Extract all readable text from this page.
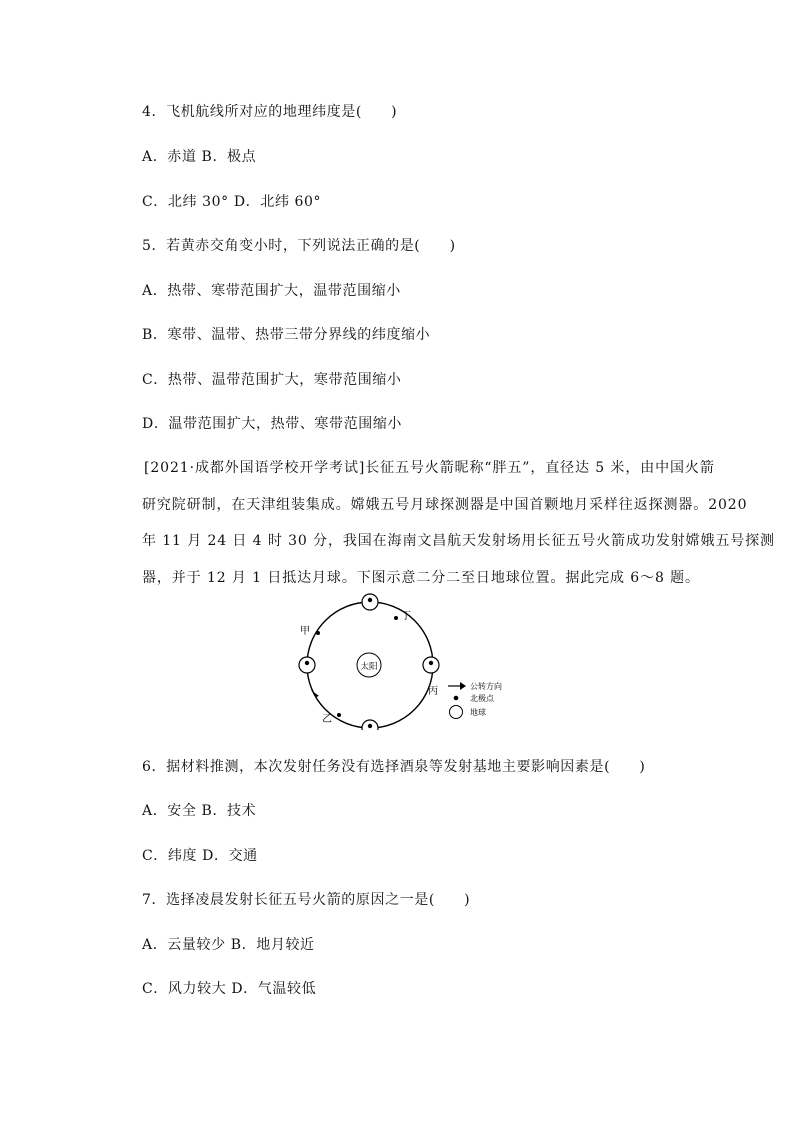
4．飞机航线所对应的地理纬度是(　　)
A．赤道 B．极点
C．北纬 30° D．北纬 60°
5．若黄赤交角变小时，下列说法正确的是(　　)
A．热带、寒带范围扩大，温带范围缩小
B．寒带、温带、热带三带分界线的纬度缩小
C．热带、温带范围扩大，寒带范围缩小
D．温带范围扩大，热带、寒带范围缩小
[2021·成都外国语学校开学考试]长征五号火箭昵称“胖五”，直径达 5 米，由中国火箭
研究院研制，在天津组装集成。嫦娥五号月球探测器是中国首颗地月采样往返探测器。2020
年 11 月 24 日 4 时 30 分，我国在海南文昌航天发射场用长征五号火箭成功发射嫦娥五号探测
器，并于 12 月 1 日抵达月球。下图示意二分二至日地球位置。据此完成 6～8 题。
太阳
甲
丁
丙
乙
公转方向
北极点
地球
6．据材料推测，本次发射任务没有选择酒泉等发射基地主要影响因素是(　　)
A．安全 B．技术
C．纬度 D．交通
7．选择凌晨发射长征五号火箭的原因之一是(　　)
A．云量较少 B．地月较近
C．风力较大 D．气温较低
